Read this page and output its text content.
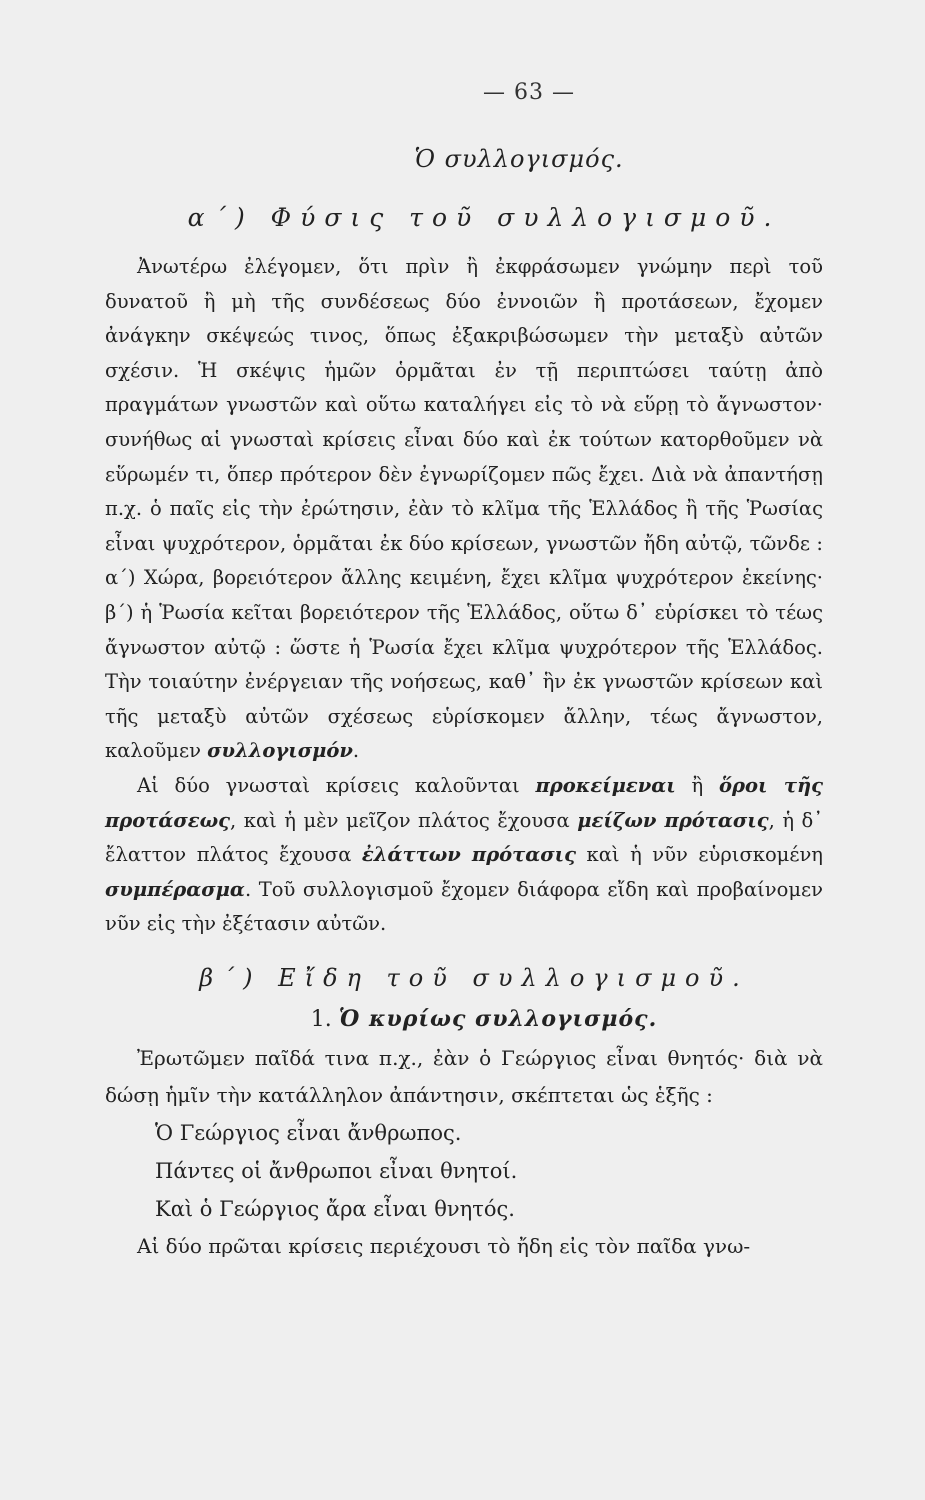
— 63 —
Ὁ συλλογισμός.
α΄) Φύσις τοῦ συλλογισμοῦ.

Ἀνωτέρω ἐλέγομεν, ὅτι πρὶν ἢ ἐκφράσωμεν γνώμην περὶ τοῦ δυνατοῦ ἢ μὴ τῆς συνδέσεως δύο ἐννοιῶν ἢ προτάσεων, ἔχομεν ἀνάγκην σκέψεώς τινος, ὅπως ἐξακριβώσωμεν τὴν μεταξὺ αὐτῶν σχέσιν. Ἡ σκέψις ἡμῶν ὁρμᾶται ἐν τῇ περιπτώσει ταύτῃ ἀπὸ πραγμάτων γνωστῶν καὶ οὕτω καταλήγει εἰς τὸ νὰ εὕρῃ τὸ ἄγνωστον· συνήθως αἱ γνωσταὶ κρίσεις εἶναι δύο καὶ ἐκ τούτων κατορθοῦμεν νὰ εὕρωμέν τι, ὅπερ πρότερον δὲν ἐγνωρίζομεν πῶς ἔχει. Διὰ νὰ ἀπαντήσῃ π.χ. ὁ παῖς εἰς τὴν ἐρώτησιν, ἐὰν τὸ κλῖμα τῆς Ἑλλάδος ἢ τῆς Ῥωσίας εἶναι ψυχρότερον, ὁρμᾶται ἐκ δύο κρίσεων, γνωστῶν ἤδη αὐτῷ, τῶνδε : α΄) Χώρα, βορειότερον ἄλλης κειμένη, ἔχει κλῖμα ψυχρότερον ἐκείνης· β΄) ἡ Ῥωσία κεῖται βορειότερον τῆς Ἑλλάδος, οὕτω δ᾽ εὑρίσκει τὸ τέως ἄγνωστον αὐτῷ : ὥστε ἡ Ῥωσία ἔχει κλῖμα ψυχρότερον τῆς Ἑλλάδος. Τὴν τοιαύτην ἐνέργειαν τῆς νοήσεως, καθ᾽ ἣν ἐκ γνωστῶν κρίσεων καὶ τῆς μεταξὺ αὐτῶν σχέσεως εὑρίσκομεν ἄλλην, τέως ἄγνωστον, καλοῦμεν συλλογισμόν.

Αἱ δύο γνωσταὶ κρίσεις καλοῦνται προκείμεναι ἢ ὅροι τῆς προτάσεως, καὶ ἡ μὲν μεῖζον πλάτος ἔχουσα μείζων πρότασις, ἡ δ᾽ ἔλαττον πλάτος ἔχουσα ἐλάττων πρότασις καὶ ἡ νῦν εὑρισκομένη συμπέρασμα. Τοῦ συλλογισμοῦ ἔχομεν διάφορα εἴδη καὶ προβαίνομεν νῦν εἰς τὴν ἐξέτασιν αὐτῶν.

β΄) Εἴδη τοῦ συλλογισμοῦ.
1. Ὁ κυρίως συλλογισμός.

Ἐρωτῶμεν παῖδά τινα π.χ., ἐὰν ὁ Γεώργιος εἶναι θνητός· διὰ νὰ δώσῃ ἡμῖν τὴν κατάλληλον ἀπάντησιν, σκέπτεται ὡς ἑξῆς :

Ὁ Γεώργιος εἶναι ἄνθρωπος.

Πάντες οἱ ἄνθρωποι εἶναι θνητοί.

Καὶ ὁ Γεώργιος ἄρα εἶναι θνητός.

Αἱ δύο πρῶται κρίσεις περιέχουσι τὸ ἤδη εἰς τὸν παῖδα γνω-
